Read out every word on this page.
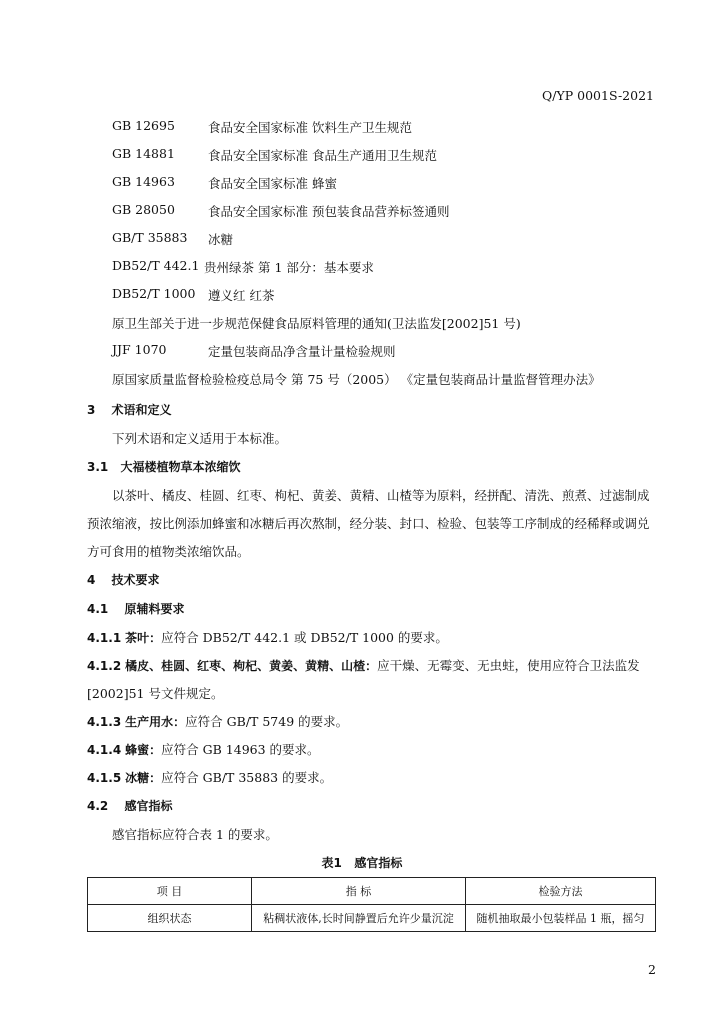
Q/YP 0001S-2021
GB 12695	食品安全国家标准 饮料生产卫生规范
GB 14881	食品安全国家标准 食品生产通用卫生规范
GB 14963	食品安全国家标准 蜂蜜
GB 28050	食品安全国家标准 预包装食品营养标签通则
GB/T 35883 冰糖
DB52/T 442.1 贵州绿茶 第 1 部分：基本要求
DB52/T 1000 遵义红 红茶
原卫生部关于进一步规范保健食品原料管理的通知(卫法监发[2002]51 号)
JJF 1070	定量包装商品净含量计量检验规则
原国家质量监督检验检疫总局令 第 75 号（2005） 《定量包装商品计量监督管理办法》
3 术语和定义
下列术语和定义适用于本标准。
3.1 大福楼植物草本浓缩饮
以茶叶、橘皮、桂圆、红枣、枸杞、黄姜、黄精、山楂等为原料，经拼配、清洗、煎煮、过滤制成
预浓缩液，按比例添加蜂蜜和冰糖后再次熬制，经分装、封口、检验、包装等工序制成的经稀释或调兑
方可食用的植物类浓缩饮品。
4 技术要求
4.1 原辅料要求
4.1.1 茶叶：应符合 DB52/T 442.1 或 DB52/T 1000 的要求。
4.1.2 橘皮、桂圆、红枣、枸杞、黄姜、黄精、山楂：应干燥、无霉变、无虫蛀，使用应符合卫法监发
[2002]51 号文件规定。
4.1.3 生产用水：应符合 GB/T 5749 的要求。
4.1.4 蜂蜜：应符合 GB 14963 的要求。
4.1.5 冰糖：应符合 GB/T 35883 的要求。
4.2 感官指标
感官指标应符合表 1 的要求。
表1   感官指标
项 目	指 标	检验方法
组织状态	粘稠状液体,长时间静置后允许少量沉淀	随机抽取最小包装样品 1 瓶，摇匀
2
